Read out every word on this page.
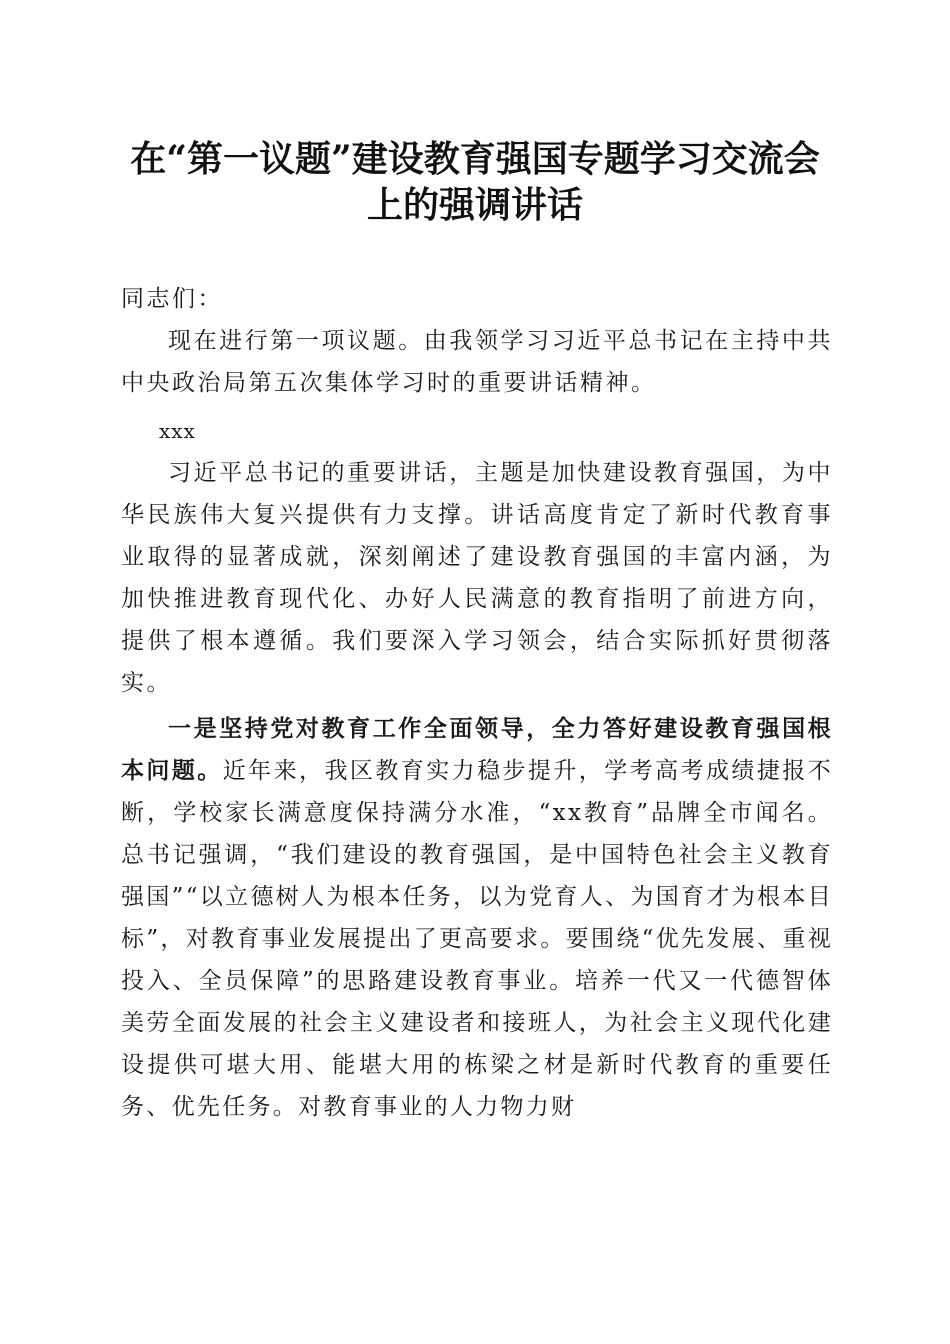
在“第一议题”建设教育强国专题学习交流会
上的强调讲话

同志们：

现在进行第一项议题。由我领学习习近平总书记在主持中共中央政治局第五次集体学习时的重要讲话精神。

xxx

习近平总书记的重要讲话，主题是加快建设教育强国，为中华民族伟大复兴提供有力支撑。讲话高度肯定了新时代教育事业取得的显著成就，深刻阐述了建设教育强国的丰富内涵，为加快推进教育现代化、办好人民满意的教育指明了前进方向，提供了根本遵循。我们要深入学习领会，结合实际抓好贯彻落实。

一是坚持党对教育工作全面领导，全力答好建设教育强国根本问题。近年来，我区教育实力稳步提升，学考高考成绩捷报不断，学校家长满意度保持满分水准，“xx教育”品牌全市闻名。总书记强调，“我们建设的教育强国，是中国特色社会主义教育强国”“以立德树人为根本任务，以为党育人、为国育才为根本目标”，对教育事业发展提出了更高要求。要围绕“优先发展、重视投入、全员保障”的思路建设教育事业。培养一代又一代德智体美劳全面发展的社会主义建设者和接班人，为社会主义现代化建设提供可堪大用、能堪大用的栋梁之材是新时代教育的重要任务、优先任务。对教育事业的人力物力财
